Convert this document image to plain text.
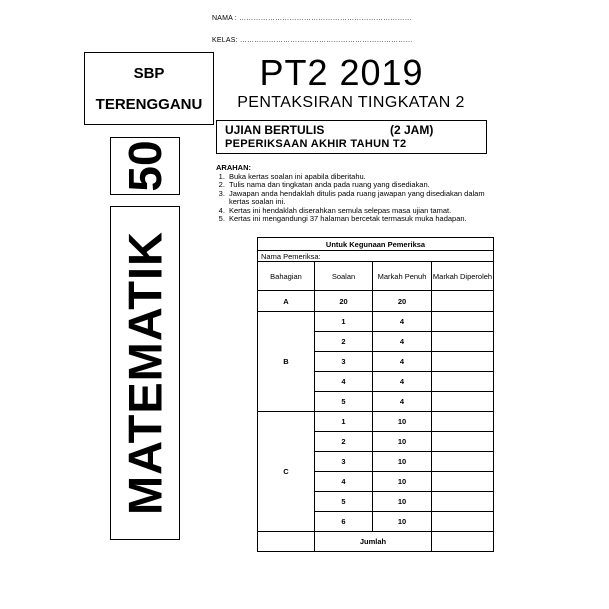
NAMA : ………………………………………………………………
KELAS: ………………………………………………………………
SBP
TERENGGANU
50
MATEMATIK
PT2 2019
PENTAKSIRAN TINGKATAN 2
UJIAN BERTULIS	(2 JAM)
PEPERIKSAAN AKHIR TAHUN T2
ARAHAN:
1. Buka kertas soalan ini apabila diberitahu.
2. Tulis nama dan tingkatan anda pada ruang yang disediakan.
3. Jawapan anda hendaklah ditulis pada ruang jawapan yang disediakan dalam kertas soalan ini.
4. Kertas ini hendaklah diserahkan semula selepas masa ujian tamat.
5. Kertas ini mengandungi 37 halaman bercetak termasuk muka hadapan.
Untuk Kegunaan Pemeriksa			
Nama Pemeriksa:			
Bahagian	Soalan	Markah Penuh	Markah Diperoleh
A	20	20	
B	1	4	
	2	4	
	3	4	
	4	4	
	5	4	
C	1	10	
	2	10	
	3	10	
	4	10	
	5	10	
	6	10	
	Jumlah		
